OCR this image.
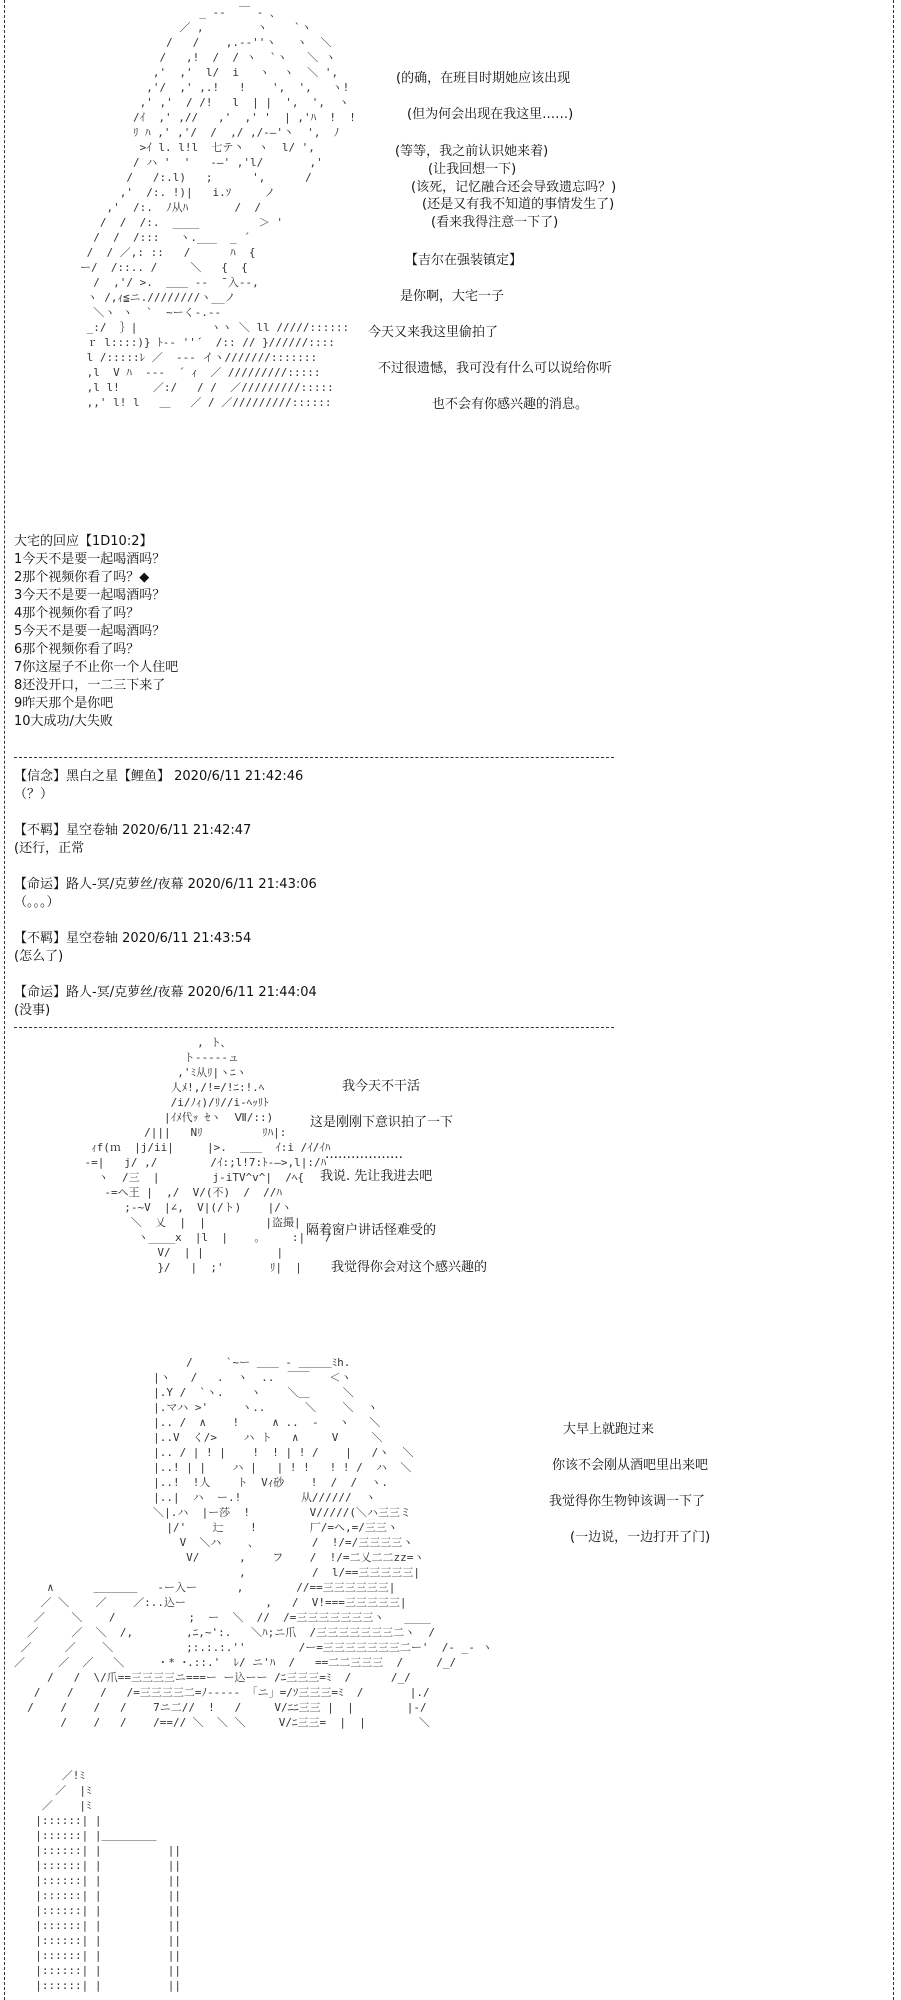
_ -‐  ￣ ‐ 、
／ ,        ヽ    `ヽ
/   /    ,.-‐''ヽ   ヽ  ＼
/   ,!  /  / ヽ  `ヽ   ＼ ヽ
,'  ,'  l/  i   ヽ  ヽ  ＼ ',
,'/  ,' ,.!   !    ',  ',   ヽ!
,' ,'  / /!   l  | |  ',  ',  ヽ
/ｲ  ,' ,//   ,'  ,' '  | ,'ﾊ  !  !
ﾘ ﾊ ,' ,'/  /  ,/ ,/-―'丶  ',  ﾉ
>ｲ l. l!l  七テ丶  ヽ  l/ ',
/ ハ '  '   -―' ,'l/       ,'
/   /:.l)   ;      ',      /
,'  /:. !)|   i.ｿ     ノ
,'  /:.  ﾉ从ﾊ       /  /
/  /  /:.  ____         ＞ '
/  /  /:::   ヽ.___  _ ´
/  / ／,: ::   /      ﾊ  {
ー/  /::.. /     ＼   {  {
/  ,'/ >.  ＿＿ -‐  ̄ 入-‐,
ヽ /,ｨ≦ニ.////////ヽ__ノ
＼ヽ ヽ  `  ~ーく-.-‐
_:/  ｝|           ヽヽ ＼ ll /////::::::
ｒ l::::)} ﾄ-‐ ''´  /:: // }//////::::
l /:::::ﾚ ／  ‐‐‐ イヽ///////:::::::
,l  V ﾊ  ‐‐‐  ´ ｨ  ／ /////////:::::
,l l!     ／:/   / /  ／/////////:::::
,,' l! l   ＿   ／ / ／/////////::::::

(的确，在班目时期她应该出现
(但为何会出现在我这里……)
(等等，我之前认识她来着)
(让我回想一下)
(该死，记忆融合还会导致遗忘吗？)
(还是又有我不知道的事情发生了)
(看来我得注意一下了)
【吉尔在强装镇定】
是你啊，大宅一子
今天又来我这里偷拍了
不过很遗憾，我可没有什么可以说给你听
也不会有你感兴趣的消息。
大宅的回应【1D10:2】
1今天不是要一起喝酒吗？
2那个视频你看了吗？◆
3今天不是要一起喝酒吗？
4那个视频你看了吗？
5今天不是要一起喝酒吗？
6那个视频你看了吗？
7你这屋子不止你一个人住吧
8还没开口，一二三下来了
9昨天那个是你吧
10大成功/大失败
【信念】黑白之星【鲤鱼】 2020/6/11 21:42:46
（？）
【不羁】星空卷轴 2020/6/11 21:42:47
(还行，正常
【命运】路人-冥/克萝丝/夜幕 2020/6/11 21:43:06
（。。。）
【不羁】星空卷轴 2020/6/11 21:43:54
(怎么了)
【命运】路人-冥/克萝丝/夜幕 2020/6/11 21:44:04
(没事)
, ト、
ト-‐-‐-ュ
,'ﾐ从ﾘ|ヽﾆヽ
人ﾒ!,/!=/!ﾆ:!.ﾍ
/i/ﾉｨ)/ﾘ//i-ﾍｯﾘﾄ
|ｲﾒ代ｯ ｾヽ  Ⅶ/::)
/|||   Nﾘ         ﾘﾊ|:
ｨf(ｍ  |j/ii|     |>.  ＿＿  ｲ:i /ｲ/ｲﾊ
-=|   j/ ,/        /ｲ:;l!7:ﾄ-―>,l|:/ﾊ
ヽ  /三  |        j-iTV^v^|  /ﾍ{
-=ヘ王 |  ,/  V/(不)  /  //ﾊ
;-~V  |∠,  V|(/ト)    |/ヽ
＼  乂  |  |         |盗撮|
ヽ____x  |l  |    。    :|   /
V/  | |           |
}/   |  ;'       ﾘ|  |

我今天不干活
这是刚刚下意识拍了一下
………………
我说. 先让我进去吧
隔着窗户讲话怪难受的
我觉得你会对这个感兴趣的
/     `~ー ＿＿ ‐ ＿＿＿ﾐh.
|ヽ   /   .  ヽ  ..  ￣￣   ＜ヽ
|.Y /  `ヽ.    ヽ    ＼＿     ＼
|.マハ >'     ヽ..      ＼    ＼  ヽ
|.. /  ∧    !     ∧ ..  ‐   ヽ   ＼
|..V  く/>    ハ ト   ∧     V     ＼
|.. / | ! |    !  ! | ! /    |   /ヽ  ＼
|..! | |    ハ |   | ! !   ! ! /  ハ  ＼
|..!  !人    ト  Vｨ砂    !  /  /  ヽ.
|..|  ハ  ー.!         从//////  ヽ
＼|.ハ  |ー莎  !         V/////(＼ハ三三ミ
|/'    辷    !        厂/=ヘ,=/三三ヽ
V  ＼ハ    、        /  !/=/三三三三ヽ
V/      ,    フ    /  !/=二乂二二zz=ヽ
,          /  l/==三三三三三|
∧      ＿＿＿＿   -ー入ー      ,        //==三三三三三三|
／ ＼    ／    ／:..込ー            ,   /  V!===三三三三三|
／    ＼    /           ;  ー  ＼  //  /=三三三三三三三ヽ   ____
／     ／  ＼  /,        ,ﾆ,~':.   ＼ﾊ;ニ爪  /三三三三三三三二ヽ  /
／     ／    ＼           ;:.:.:.''        /ー=三三三三三三三二ー'  /- _- ヽ
／     ／  ／   ＼     ・* ･.::.'  ﾚ/ ニ'ﾊ  /   ==二二三三三  /     /_/
/   /  \/爪==三三三三ニ===ー ー込ーー /ﾆ三三三=ﾐ  /      /_/
/    /    /   /=三三三三二=ﾉ‐‐‐‐‐ 「ニ」=/ｿ三三三=ﾐ  /       |./
/    /    /   /    7ニ二//  !   /     V/ﾆﾆ三三 |  |        |-/
/    /   /    /==// ＼  ＼ ＼     V/ﾆ三三=  |  |        ＼

大早上就跑过来
你该不会刚从酒吧里出来吧
我觉得你生物钟该调一下了
(一边说，一边打开了门)
／!ﾐ
／  |ﾐ
／    |ﾐ
|::::::| |
|::::::| |＿＿＿＿＿
|::::::| |          ||
|::::::| |          ||
|::::::| |          ||
|::::::| |          ||
|::::::| |          ||
|::::::| |          ||
|::::::| |          ||
|::::::| |          ||
|::::::| |          ||
|::::::| |          ||
